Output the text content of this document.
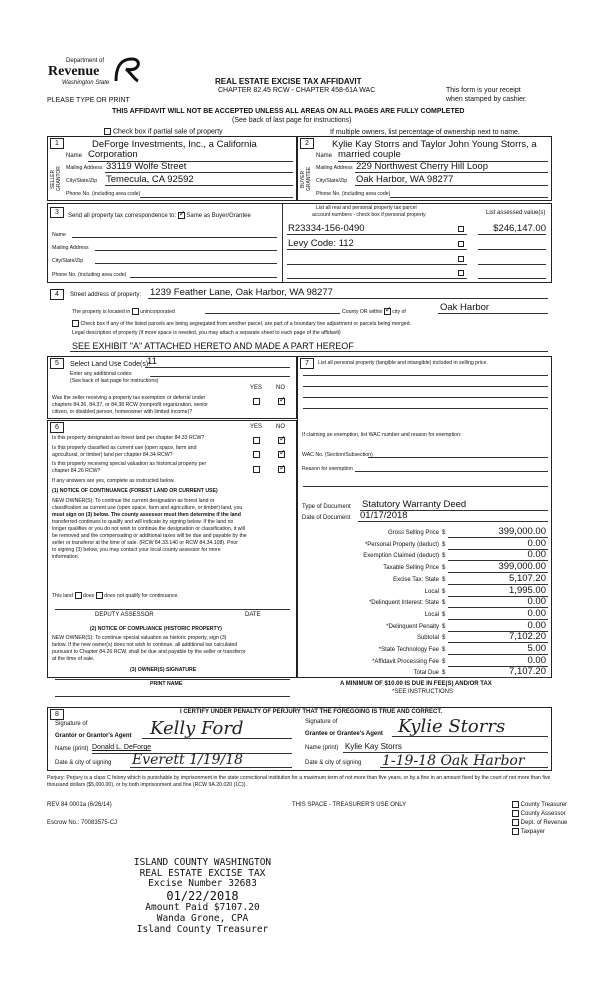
Department of
Revenue
Washington State
PLEASE TYPE OR PRINT
REAL ESTATE EXCISE TAX AFFIDAVIT
CHAPTER 82.45 RCW - CHAPTER 458-61A WAC	This form is your receipt
when stamped by cashier.
THIS AFFIDAVIT WILL NOT BE ACCEPTED UNLESS ALL AREAS ON ALL PAGES ARE FULLY COMPLETED
(See back of last page for instructions)
Check box if partial sale of property	If multiple owners, list percentage of ownership next to name.
1	2
SELLER GRANTOR	BUYER GRANTEE
DeForge Investments, Inc., a California
Name Corporation
Mailing Address 33119 Wolfe Street
City/State/Zip Temecula, CA 92592
Phone No. (including area code)
Kylie Kay Storrs and Taylor John Young Storrs, a
Name married couple
Mailing Address 229 Northwest Cherry Hill Loop
City/State/Zip Oak Harbor, WA 98277
Phone No. (including area code)
3
Send all property tax correspondence to: ✓ Same as Buyer/Grantee
Name
Mailing Address
City/State/Zip
Phone No. (including area code)
List all real and personal property tax parcel
account numbers - check box if personal property	List assessed value(s)
R23334-156-0490	$246,147.00
Levy Code: 112
4	Street address of property: 1239 Feather Lane, Oak Harbor, WA 98277
The property is located in unincorporated	County OR within ✓ city of	Oak Harbor
Check box if any of the listed parcels are being segregated from another parcel, are part of a boundary line adjustment or parcels being merged.
Legal description of property (if more space is needed, you may attach a separate sheet to each page of the affidavit)
SEE EXHIBIT "A" ATTACHED HERETO AND MADE A PART HEREOF
5	Select Land Use Code(s):
11
Enter any additional codes:
(See back of last page for instructions)
YES NO
Was the seller receiving a property tax exemption or deferral under
chapters 84.36, 84.37, or 84.38 RCW (nonprofit organization, senior
citizen, or disabled person, homeowner with limited income)?
✓
6	YES NO
Is this property designated as forest land per chapter 84.33 RCW?
✓
Is this property classified as current use (open space, farm and
agricultural, or timber) land per chapter 84.34 RCW?
✓
Is this property receiving special valuation as historical property per
chapter 84.26 RCW?
✓
If any answers are yes, complete as instructed below.
(1) NOTICE OF CONTINUANCE (FOREST LAND OR CURRENT USE)
NEW OWNER(S): To continue the current designation as forest land or
classification as current use (open space, farm and agriculture, or timber) land, you
must sign on (3) below. The county assessor must then determine if the land
transferred continues to qualify and will indicate by signing below. If the land no
longer qualifies or you do not wish to continue the designation or classification, it will
be removed and the compensating or additional taxes will be due and payable by the
seller or transferor at the time of sale. (RCW 84.33.140 or RCW 84.34.108). Prior
to signing (3) below, you may contact your local county assessor for more
information.
This land does does not qualify for continuance.
DEPUTY ASSESSOR	DATE
(2) NOTICE OF COMPLIANCE (HISTORIC PROPERTY)
NEW OWNER(S): To continue special valuation as historic property, sign (3)
below. If the new owner(s) does not wish to continue, all additional tax calculated
pursuant to Chapter 84.26 RCW, shall be due and payable by the seller or transferor
at the time of sale.
(3) OWNER(S) SIGNATURE
PRINT NAME
7	List all personal property (tangible and intangible) included in selling price.
If claiming an exemption, list WAC number and reason for exemption:
WAC No. (Section/Subsection)
Reason for exemption
Type of Document Statutory Warranty Deed
Date of Document 01/17/2018
Gross Selling Price $	399,000.00
*Personal Property (deduct) $	0.00
Exemption Claimed (deduct) $	0.00
Taxable Selling Price $	399,000.00
Excise Tax: State $	5,107.20
Local $	1,995.00
*Delinquent Interest: State $	0.00
Local $	0.00
*Delinquent Penalty $	0.00
Subtotal $	7,102.20
*State Technology Fee $	5.00
*Affidavit Processing Fee $	0.00
Total Due $	7,107.20
A MINIMUM OF $10.00 IS DUE IN FEE(S) AND/OR TAX
*SEE INSTRUCTIONS
8	I CERTIFY UNDER PENALTY OF PERJURY THAT THE FOREGOING IS TRUE AND CORRECT.
Signature of
Grantor or Grantor's Agent Kelly Ford
Name (print) Donald L. DeForge
Date & city of signing Everett 1/19/18
Signature of
Grantee or Grantee's Agent Kylie Storrs
Name (print) Kylie Kay Storrs
Date & city of signing 1-19-18 Oak Harbor
Perjury: Perjury is a class C felony which is punishable by imprisonment in the state correctional institution for a maximum term of not more than five years, or by a fine in an amount fixed by the court of not more than five thousand dollars ($5,000.00), or by both imprisonment and fine (RCW 9A.20.020 (1C)).
REV 84 0001a (6/26/14)	THIS SPACE - TREASURER'S USE ONLY
Escrow No.: 70083575-CJ
County Treasurer
County Assessor
Dept. of Revenue
Taxpayer
ISLAND COUNTY WASHINGTON
REAL ESTATE EXCISE TAX
Excise Number 32683
01/22/2018
Amount Paid $7107.20
Wanda Grone, CPA
Island County Treasurer
